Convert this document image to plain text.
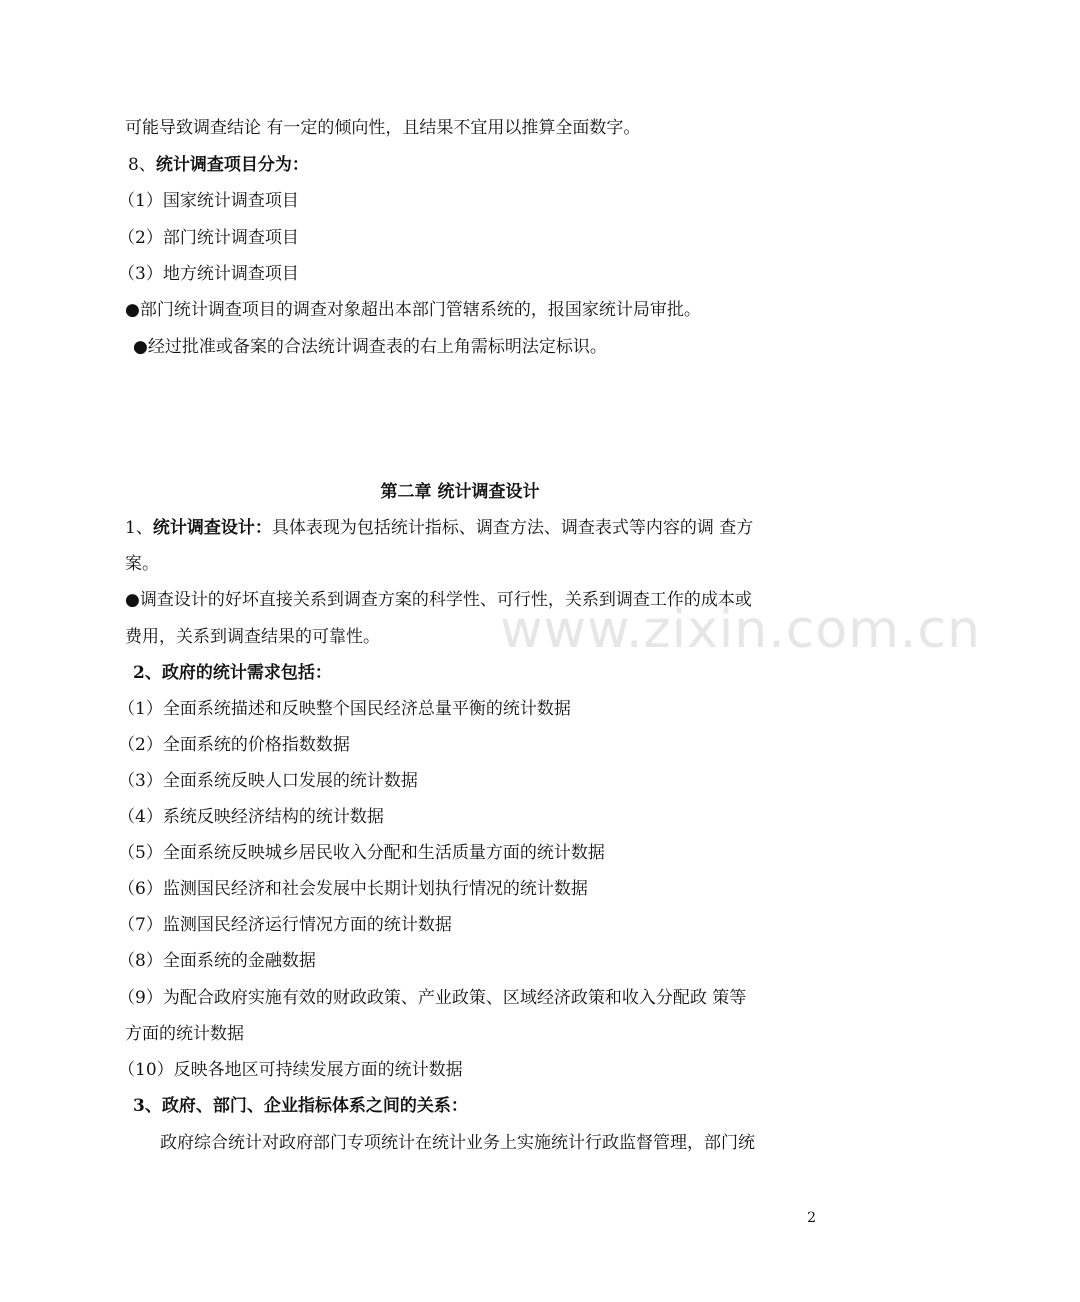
www.zixin.com.cn
可能导致调查结论 有一定的倾向性，且结果不宜用以推算全面数字。
8、统计调查项目分为：
（1）国家统计调查项目
（2）部门统计调查项目
（3）地方统计调查项目
●部门统计调查项目的调查对象超出本部门管辖系统的，报国家统计局审批。
●经过批准或备案的合法统计调查表的右上角需标明法定标识。
第二章 统计调查设计
1、统计调查设计：具体表现为包括统计指标、调查方法、调查表式等内容的调 查方
案。
●调查设计的好坏直接关系到调查方案的科学性、可行性，关系到调查工作的成本或
费用，关系到调查结果的可靠性。
2、政府的统计需求包括：
（1）全面系统描述和反映整个国民经济总量平衡的统计数据
（2）全面系统的价格指数数据
（3）全面系统反映人口发展的统计数据
（4）系统反映经济结构的统计数据
（5）全面系统反映城乡居民收入分配和生活质量方面的统计数据
（6）监测国民经济和社会发展中长期计划执行情况的统计数据
（7）监测国民经济运行情况方面的统计数据
（8）全面系统的金融数据
（9）为配合政府实施有效的财政政策、产业政策、区域经济政策和收入分配政 策等
方面的统计数据
（10）反映各地区可持续发展方面的统计数据
3、政府、部门、企业指标体系之间的关系：
政府综合统计对政府部门专项统计在统计业务上实施统计行政监督管理，部门统
2
